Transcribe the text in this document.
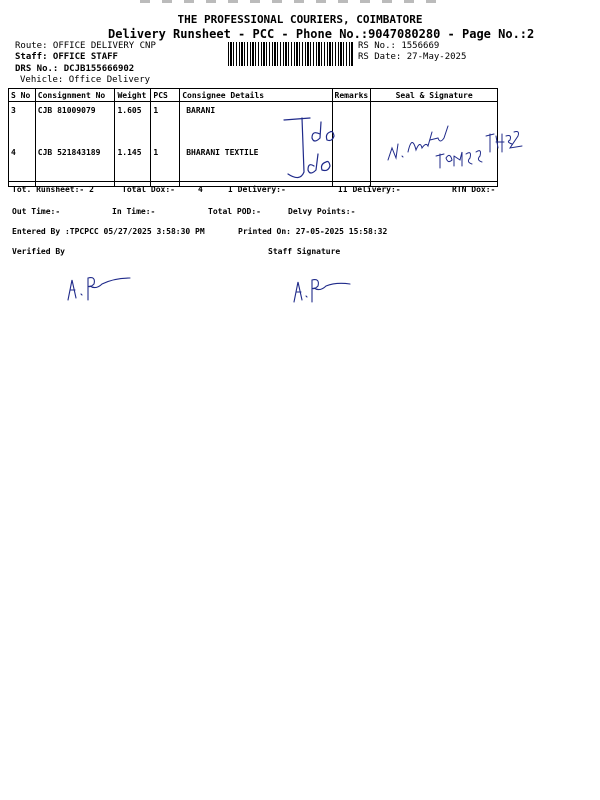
THE PROFESSIONAL COURIERS, COIMBATORE
Delivery Runsheet - PCC - Phone No.:9047080280 - Page No.:2
Route: OFFICE DELIVERY CNP
Staff: OFFICE STAFF
DRS No.: DCJB155666902
Vehicle: Office Delivery
RS No.: 1556669
RS Date: 27-May-2025
S No	Consignment No	Weight	PCS	Consignee Details	Remarks	Seal & Signature
3	CJB 81009079	1.605	1	BARANI		
4	CJB 521843189	1.145	1	BHARANI TEXTILE		
Tot. Runsheet:- 2	Total Dox:-	4	I Delivery:-	II Delivery:-	RTN Dox:-
Out Time:-	In Time:-	Total POD:-	Delvy Points:-
Entered By :TPCPCC 05/27/2025 3:58:30 PM	Printed On: 27-05-2025 15:58:32
Verified By	Staff Signature
